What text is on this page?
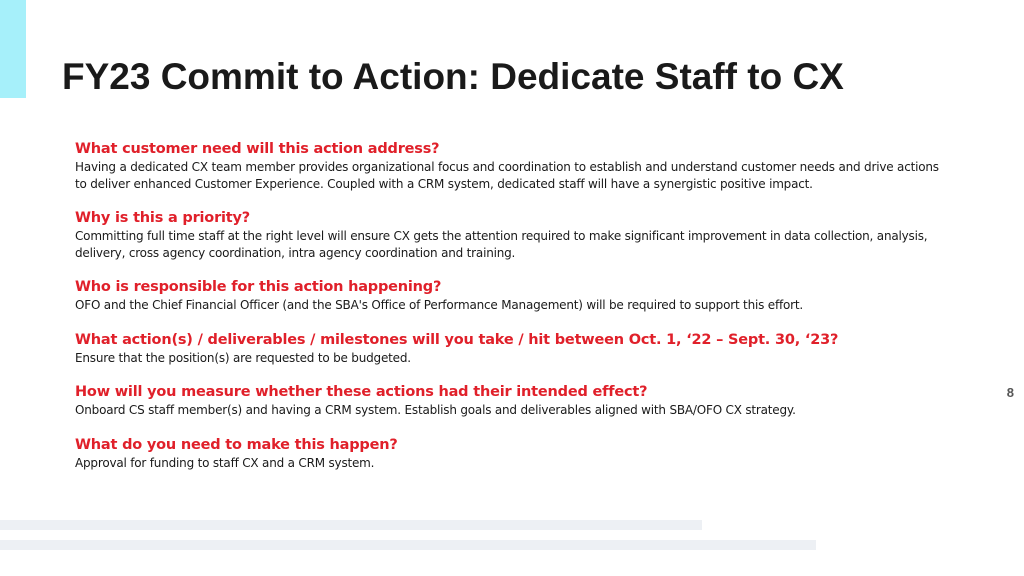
FY23 Commit to Action: Dedicate Staff to CX

What customer need will this action address?

Having a dedicated CX team member provides organizational focus and coordination to establish and understand customer needs and drive actions to deliver enhanced Customer Experience. Coupled with a CRM system, dedicated staff will have a synergistic positive impact.

Why is this a priority?

Committing full time staff at the right level will ensure CX gets the attention required to make significant improvement in data collection, analysis, delivery, cross agency coordination, intra agency coordination and training.

Who is responsible for this action happening?

OFO and the Chief Financial Officer (and the SBA's Office of Performance Management) will be required to support this effort.

What action(s) / deliverables / milestones will you take / hit between Oct. 1, ‘22 – Sept. 30, ‘23?

Ensure that the position(s) are requested to be budgeted.

How will you measure whether these actions had their intended effect?

Onboard CS staff member(s) and having a CRM system. Establish goals and deliverables aligned with SBA/OFO CX strategy.

What do you need to make this happen?

Approval for funding to staff CX and a CRM system.

8
